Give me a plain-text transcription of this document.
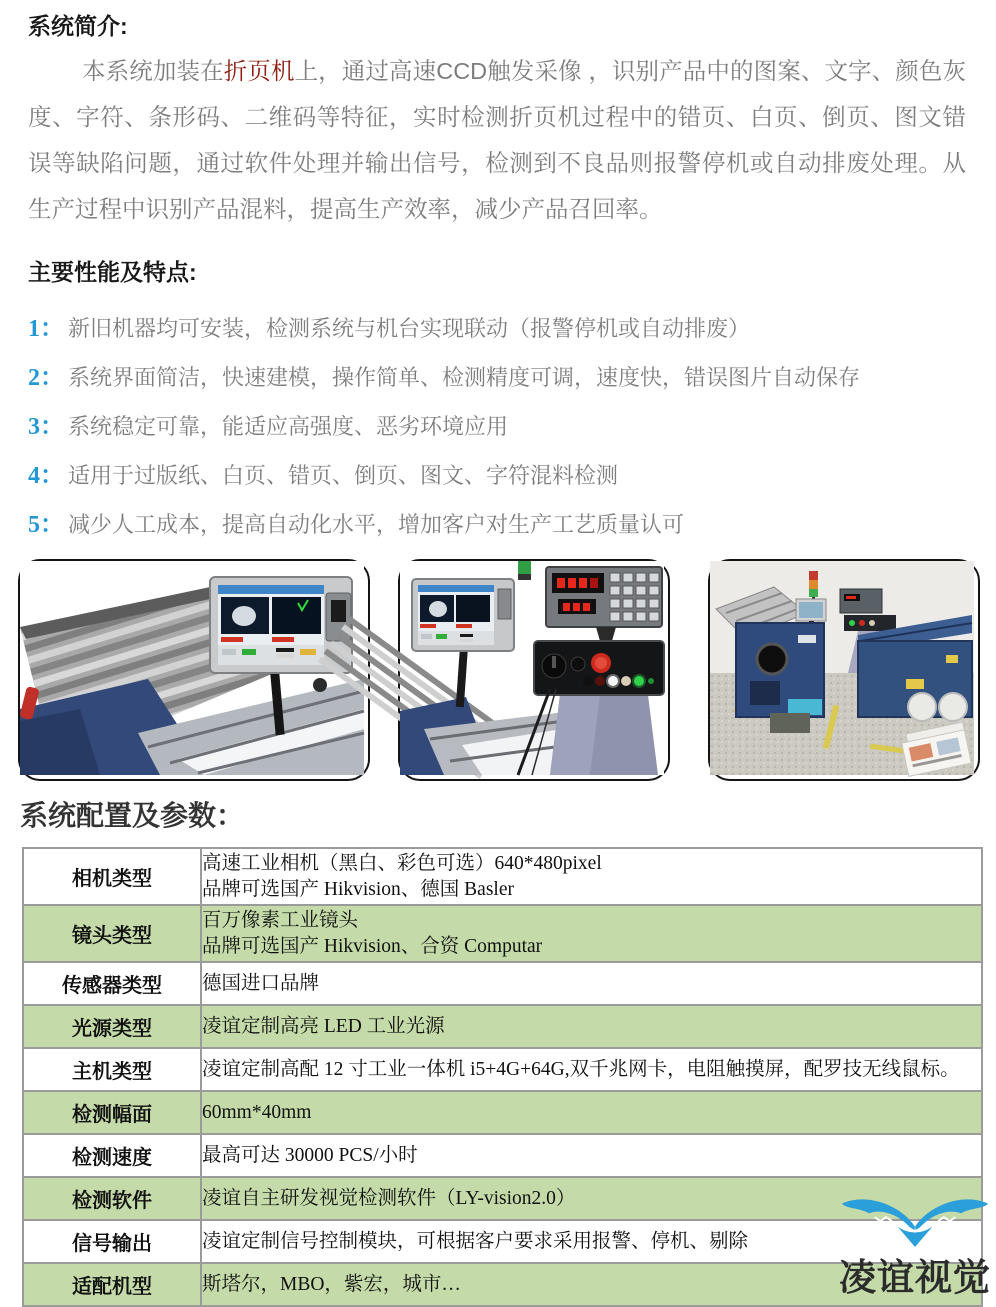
系统简介:

本系统加装在折页机上，通过高速CCD触发采像 ，识别产品中的图案、文字、颜色灰度、字符、条形码、二维码等特征，实时检测折页机过程中的错页、白页、倒页、图文错误等缺陷问题，通过软件处理并输出信号，检测到不良品则报警停机或自动排废处理。从生产过程中识别产品混料，提高生产效率，减少产品召回率。

主要性能及特点:
1： 新旧机器均可安装，检测系统与机台实现联动（报警停机或自动排废）
2： 系统界面简洁，快速建模，操作简单、检测精度可调，速度快，错误图片自动保存
3： 系统稳定可靠，能适应高强度、恶劣环境应用
4： 适用于过版纸、白页、错页、倒页、图文、字符混料检测
5： 减少人工成本，提高自动化水平，增加客户对生产工艺质量认可
系统配置及参数：
相机类型	高速工业相机（黑白、彩色可选）640*480pixel
品牌可选国产 Hikvision、德国 Basler

镜头类型	百万像素工业镜头
品牌可选国产 Hikvision、合资 Computar

传感器类型	德国进口品牌

光源类型	凌谊定制高亮 LED 工业光源

主机类型	凌谊定制高配 12 寸工业一体机 i5+4G+64G,双千兆网卡，电阻触摸屏，配罗技无线鼠标。

检测幅面	60mm*40mm

检测速度	最高可达 30000 PCS/小时

检测软件	凌谊自主研发视觉检测软件（LY-vision2.0）

信号输出	凌谊定制信号控制模块，可根据客户要求采用报警、停机、剔除

适配机型	斯塔尔，MBO，紫宏，城市…	凌谊视觉
